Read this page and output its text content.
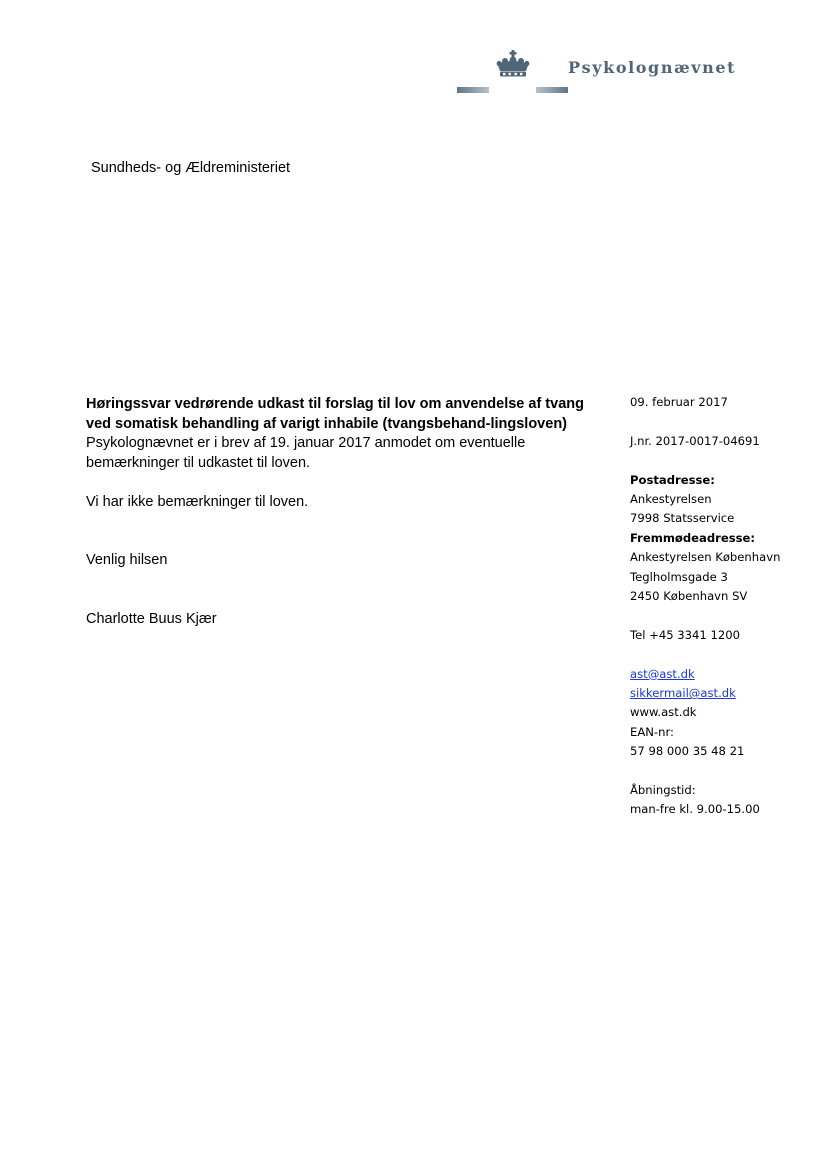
Psykolognævnet
Sundheds- og Ældreministeriet

Høringssvar vedrørende udkast til forslag til lov om anvendelse af tvang ved somatisk behandling af varigt inhabile (tvangsbehand-lingsloven)

Psykolognævnet er i brev af 19. januar 2017 anmodet om eventuelle bemærkninger til udkastet til loven.

Vi har ikke bemærkninger til loven.

Venlig hilsen

Charlotte Buus Kjær

09. februar 2017
J.nr. 2017-0017-04691
Postadresse:
Ankestyrelsen
7998 Statsservice
Fremmødeadresse:
Ankestyrelsen København
Teglholmsgade 3
2450 København SV
Tel +45 3341 1200
ast@ast.dk
sikkermail@ast.dk
www.ast.dk
EAN-nr:
57 98 000 35 48 21
Åbningstid:
man-fre kl. 9.00-15.00
